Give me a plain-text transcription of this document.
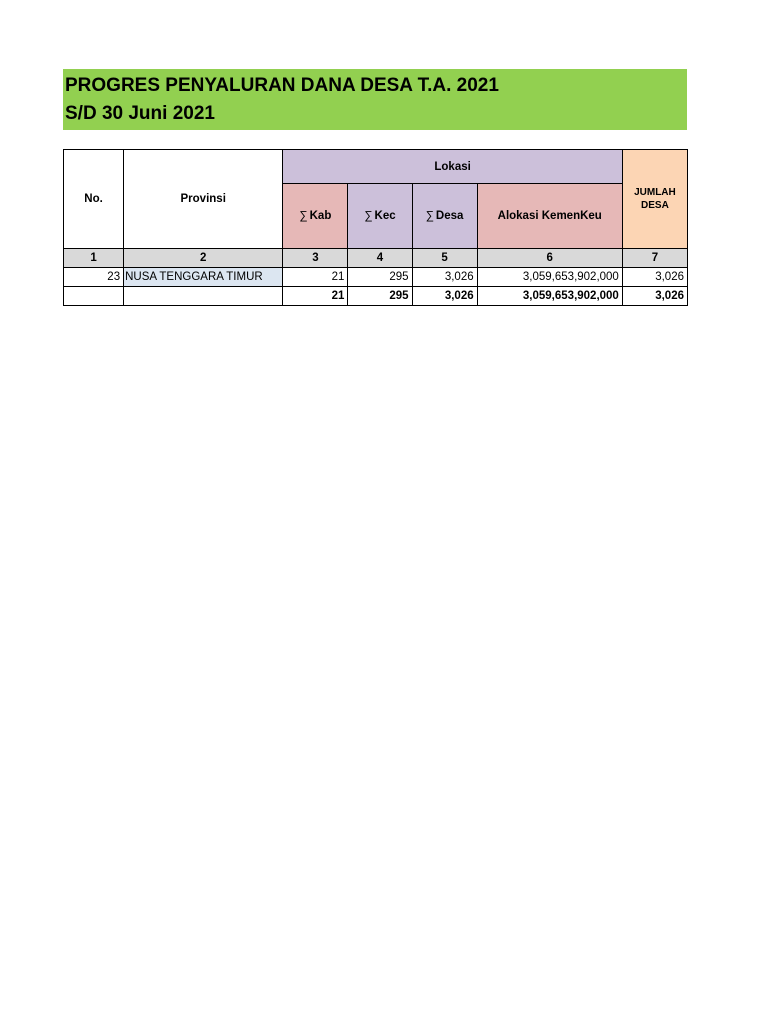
PROGRES PENYALURAN DANA DESA T.A. 2021
S/D 30 Juni 2021
No.	Provinsi	Lokasi				JUMLAH DESA
		∑ Kab	∑ Kec	∑ Desa	Alokasi KemenKeu	
1	2	3	4	5	6	7
23	NUSA TENGGARA TIMUR	21	295	3,026	3,059,653,902,000	3,026
		21	295	3,026	3,059,653,902,000	3,026
